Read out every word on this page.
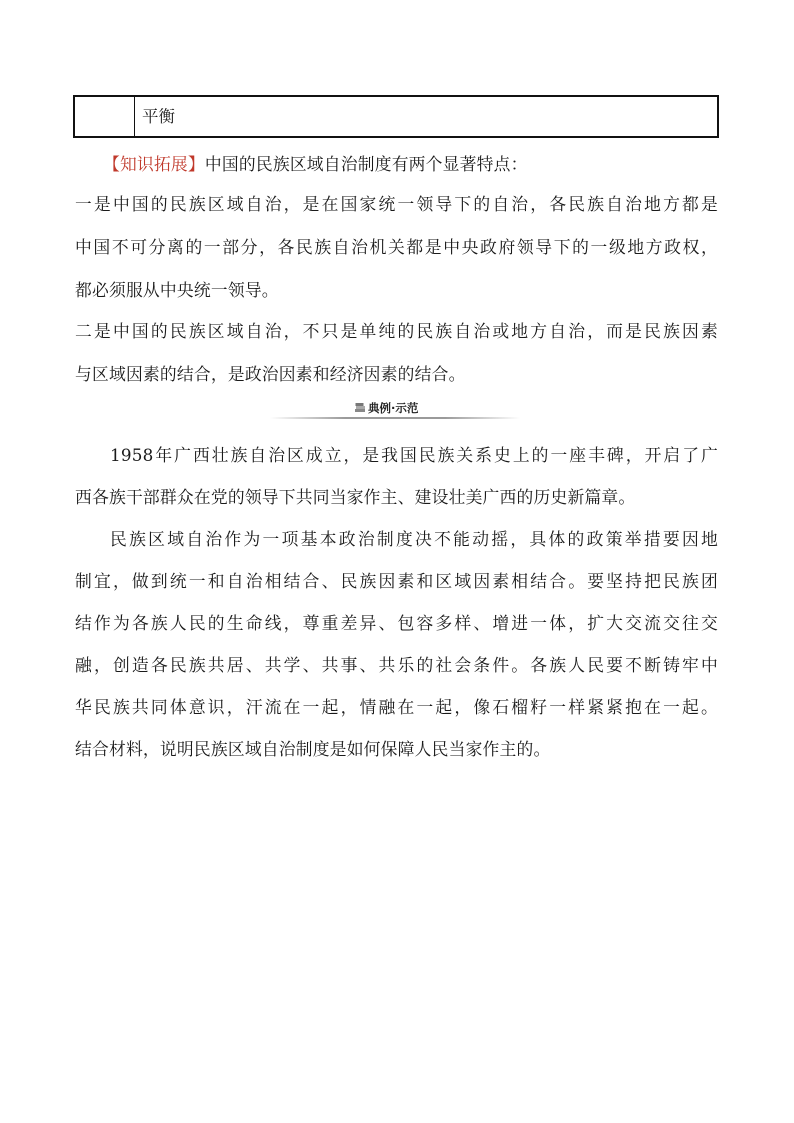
平衡
【知识拓展】中国的民族区域自治制度有两个显著特点：
一是中国的民族区域自治，是在国家统一领导下的自治，各民族自治地方都是
中国不可分离的一部分，各民族自治机关都是中央政府领导下的一级地方政权，
都必须服从中央统一领导。
二是中国的民族区域自治，不只是单纯的民族自治或地方自治，而是民族因素
与区域因素的结合，是政治因素和经济因素的结合。
典例·示范
1958年广西壮族自治区成立，是我国民族关系史上的一座丰碑，开启了广
西各族干部群众在党的领导下共同当家作主、建设壮美广西的历史新篇章。
民族区域自治作为一项基本政治制度决不能动摇，具体的政策举措要因地
制宜，做到统一和自治相结合、民族因素和区域因素相结合。要坚持把民族团
结作为各族人民的生命线，尊重差异、包容多样、增进一体，扩大交流交往交
融，创造各民族共居、共学、共事、共乐的社会条件。各族人民要不断铸牢中
华民族共同体意识，汗流在一起，情融在一起，像石榴籽一样紧紧抱在一起。
结合材料，说明民族区域自治制度是如何保障人民当家作主的。
